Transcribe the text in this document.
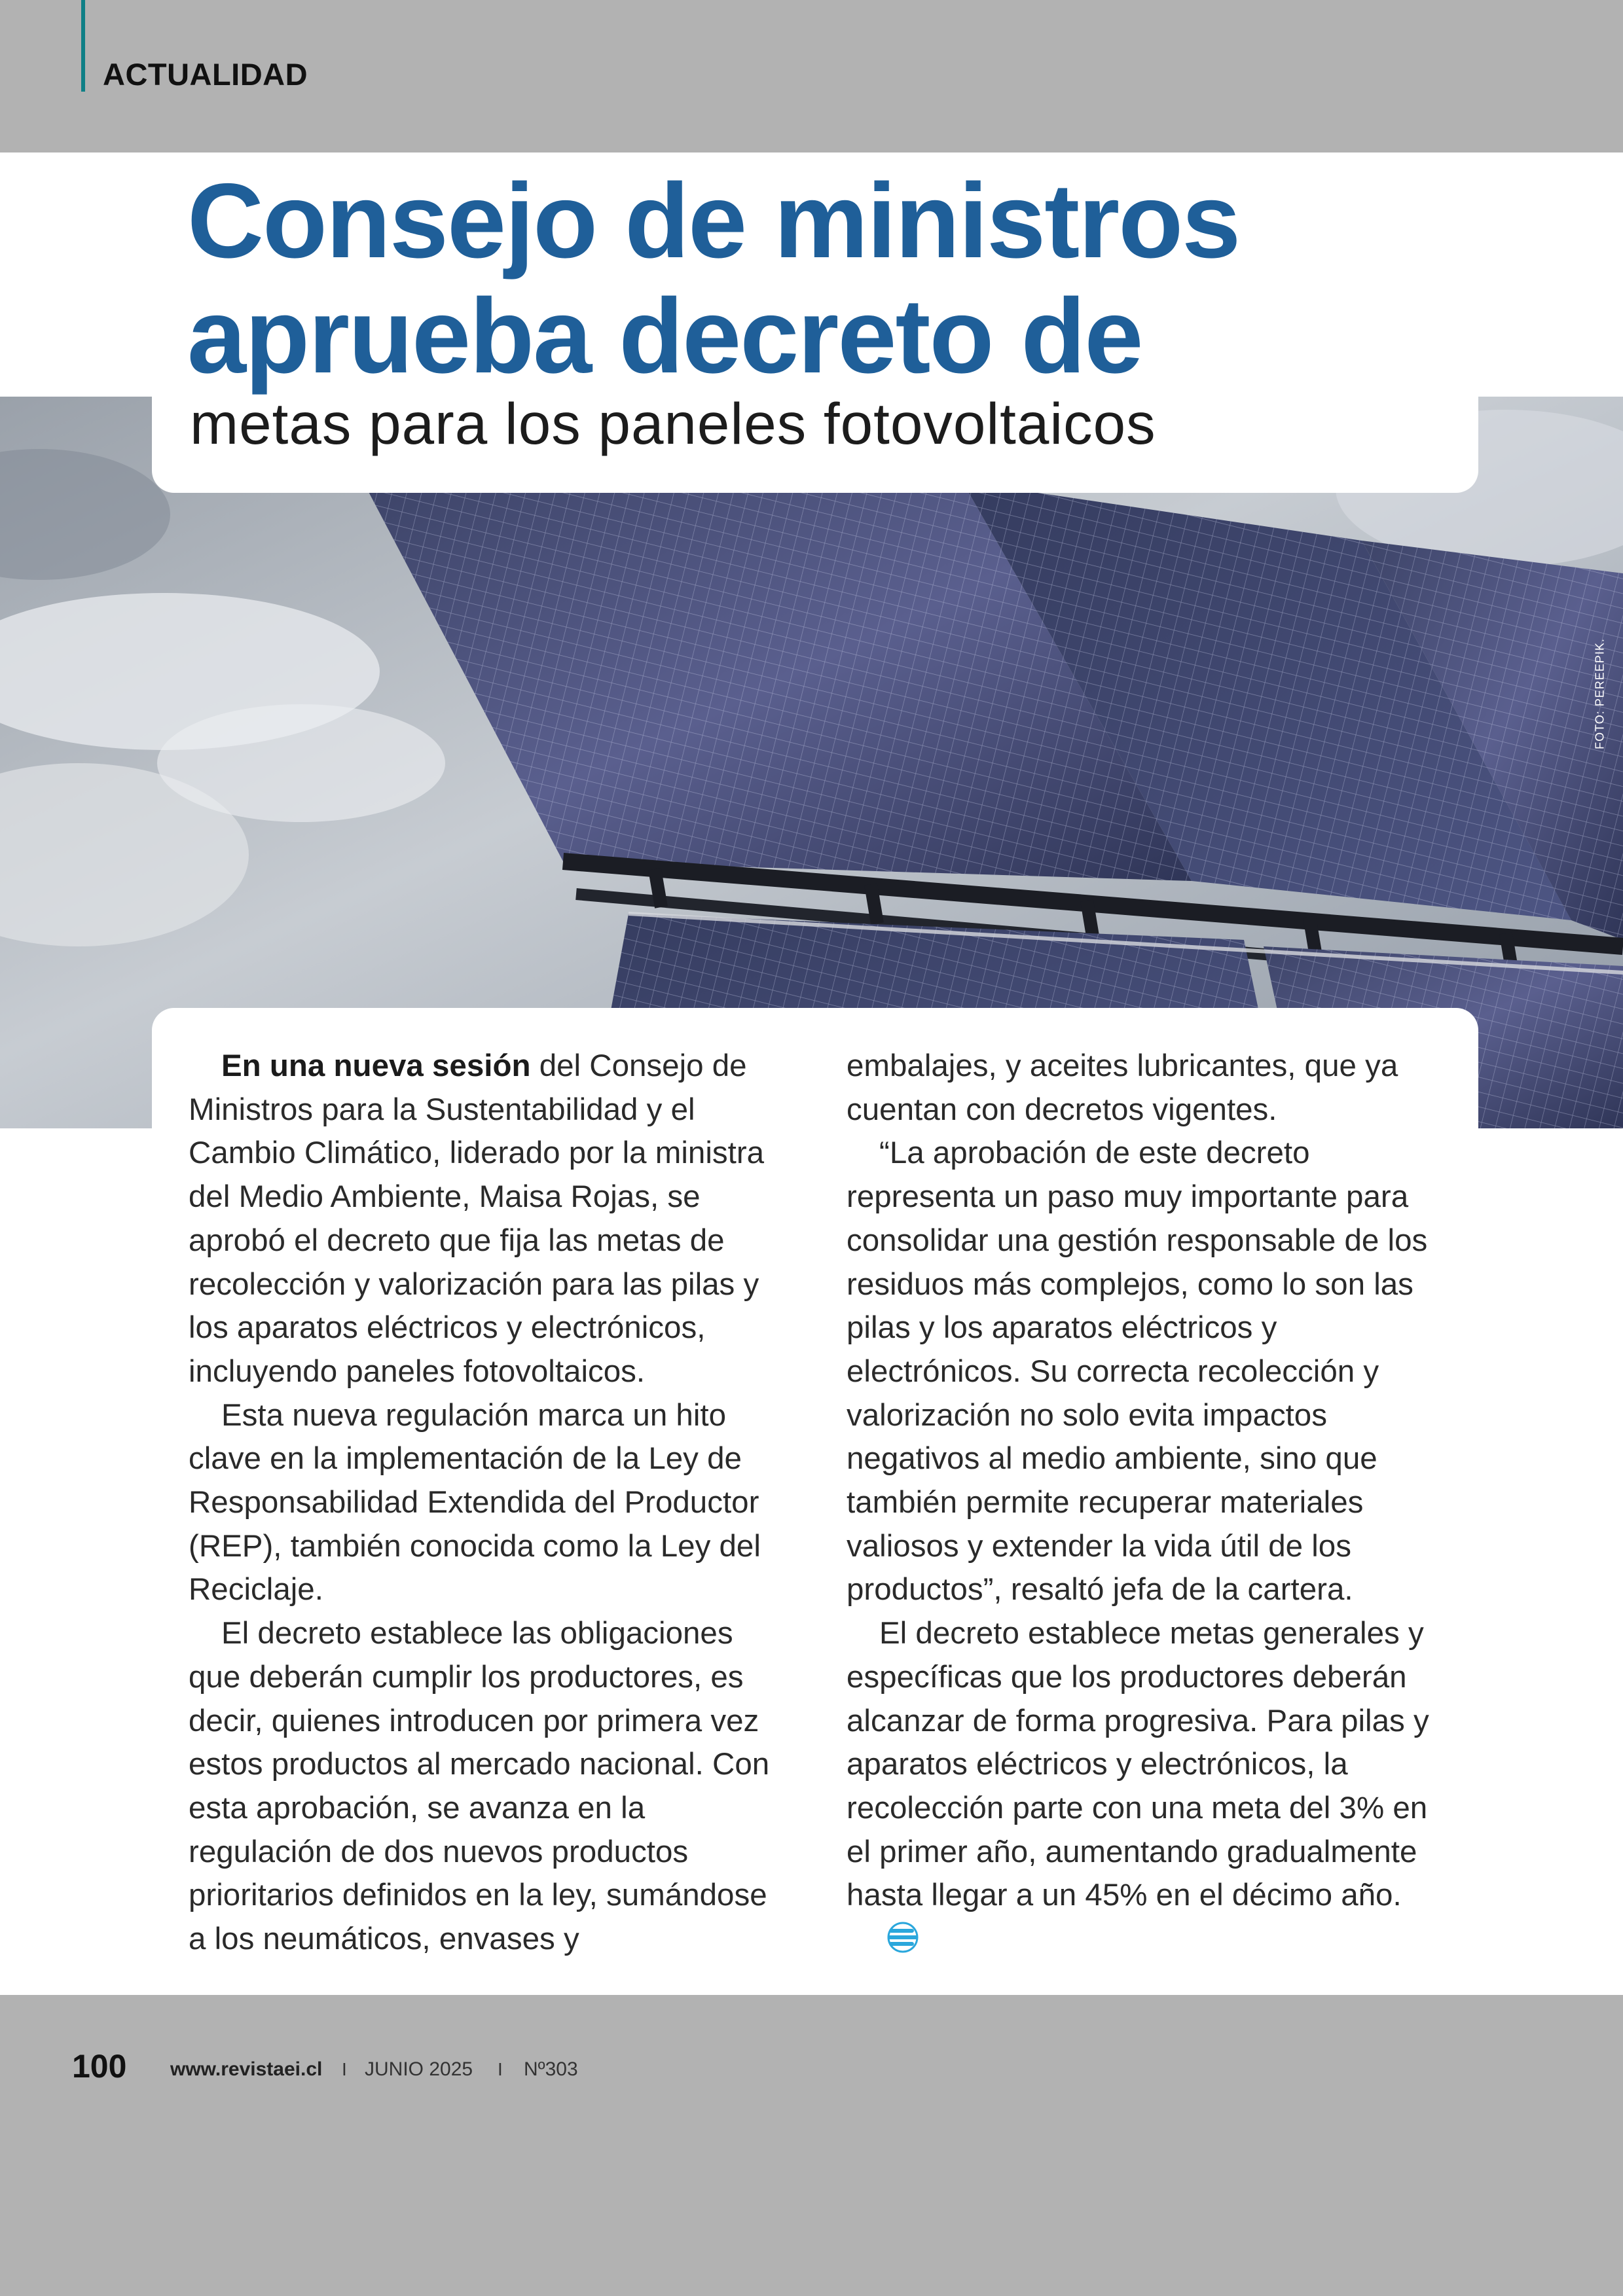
ACTUALIDAD
FOTO: PEREEPIK.
Consejo de ministros
aprueba decreto de
metas para los paneles fotovoltaicos

En una nueva sesión del Consejo de Ministros para la Sustentabilidad y el Cambio Climático, liderado por la ministra del Medio Ambiente, Maisa Rojas, se aprobó el decreto que fija las metas de recolección y valorización para las pilas y los aparatos eléctricos y electrónicos, incluyendo paneles fotovoltaicos.

Esta nueva regulación marca un hito clave en la implementación de la Ley de Responsabilidad Extendida del Productor (REP), también conocida como la Ley del Reciclaje.

El decreto establece las obligaciones que deberán cumplir los productores, es decir, quienes introducen por primera vez estos productos al mercado nacional. Con esta aprobación, se avanza en la regulación de dos nuevos productos prioritarios definidos en la ley, sumándose a los neumáticos, envases y

embalajes, y aceites lubricantes, que ya cuentan con decretos vigentes.

“La aprobación de este decreto representa un paso muy importante para consolidar una gestión responsable de los residuos más complejos, como lo son las pilas y los aparatos eléctricos y electrónicos. Su correcta recolección y valorización no solo evita impactos negativos al medio ambiente, sino que también permite recuperar materiales valiosos y extender la vida útil de los productos”, resaltó jefa de la cartera.

El decreto establece metas generales y específicas que los productores deberán alcanzar de forma progresiva. Para pilas y aparatos eléctricos y electrónicos, la recolección parte con una meta del 3% en el primer año, aumentando gradualmente hasta llegar a un 45% en el décimo año.

100 www.revistaei.cl I JUNIO 2025 I Nº303
